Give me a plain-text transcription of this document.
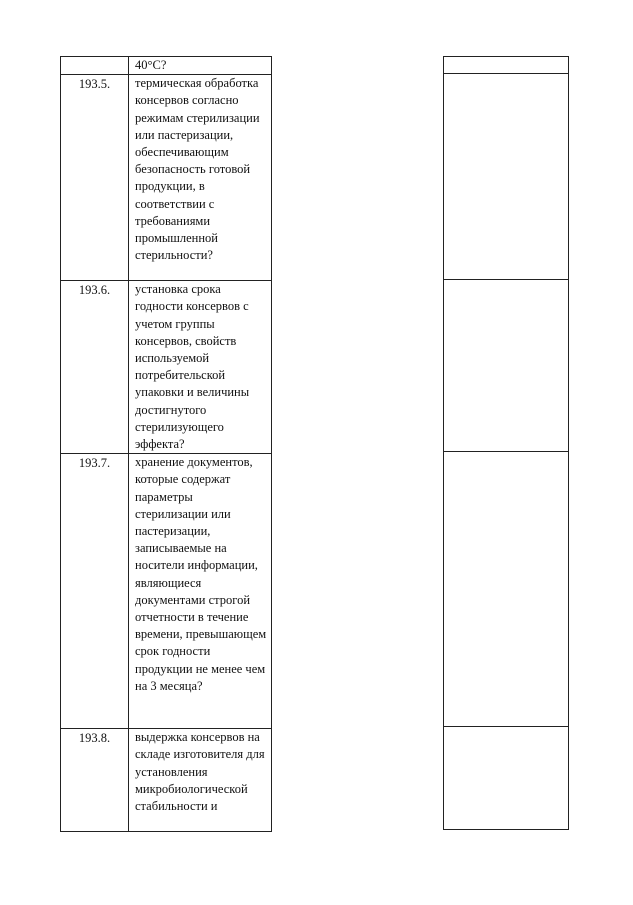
	40°C?
193.5.	термическая обработка консервов согласно режимам стерилизации или пастеризации, обеспечивающим безопасность готовой продукции, в соответствии с требованиями промышленной стерильности?
193.6.	установка срока годности консервов с учетом группы консервов, свойств используемой потребительской упаковки и величины достигнутого стерилизующего эффекта?
193.7.	хранение документов, которые содержат параметры стерилизации или пастеризации, записываемые на носители информации, являющиеся документами строгой отчетности в течение времени, превышающем срок годности продукции не менее чем на 3 месяца?
193.8.	выдержка консервов на складе изготовителя для установления микробиологической стабильности и
